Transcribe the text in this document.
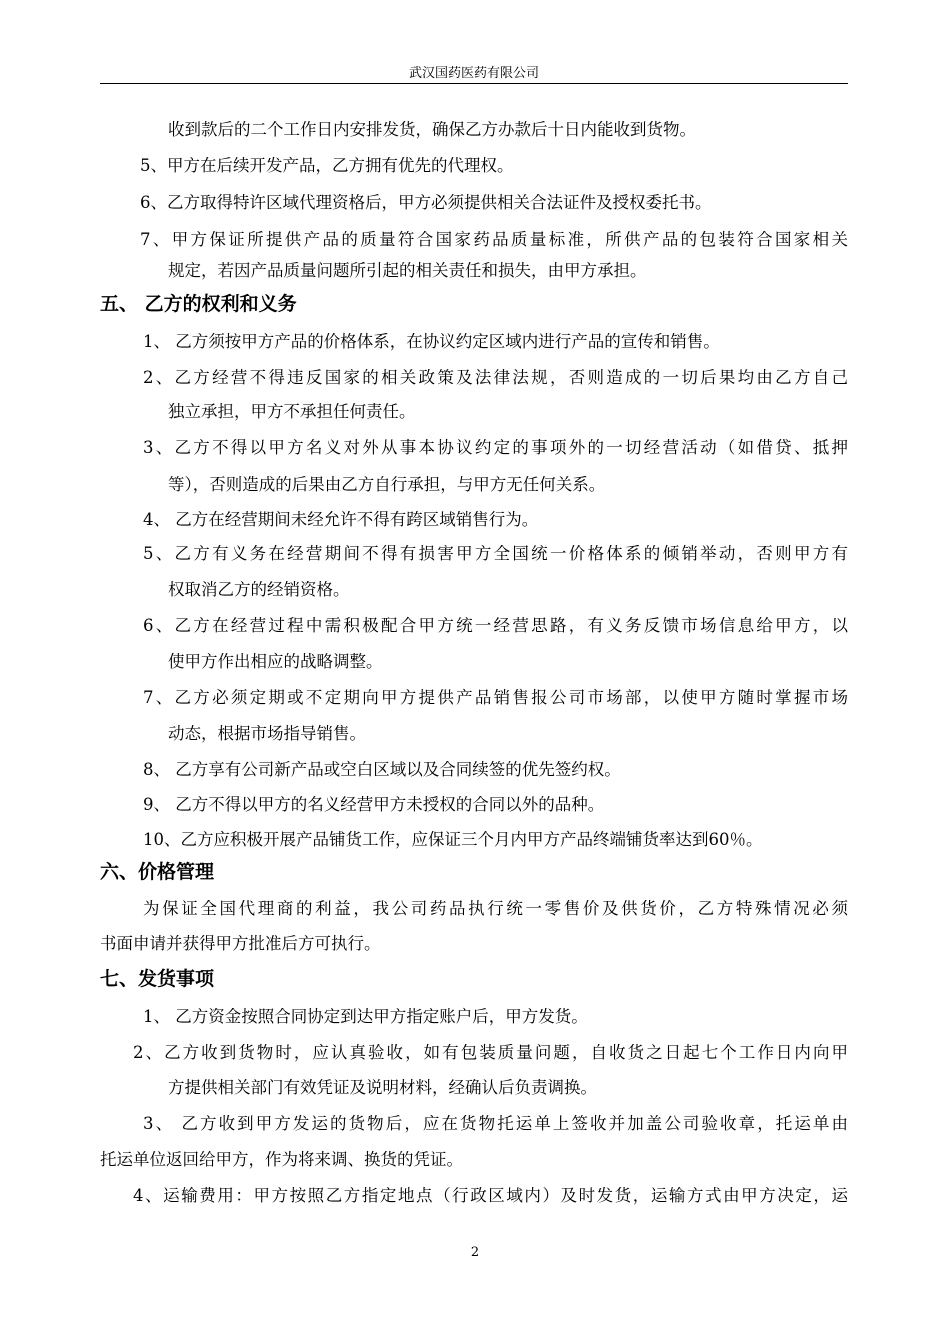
武汉国药医药有限公司
收到款后的二个工作日内安排发货，确保乙方办款后十日内能收到货物。
5、甲方在后续开发产品，乙方拥有优先的代理权。
6、乙方取得特许区域代理资格后，甲方必须提供相关合法证件及授权委托书。
7、甲方保证所提供产品的质量符合国家药品质量标准，所供产品的包装符合国家相关
规定，若因产品质量问题所引起的相关责任和损失，由甲方承担。
1、 乙方须按甲方产品的价格体系，在协议约定区域内进行产品的宣传和销售。
2、乙方经营不得违反国家的相关政策及法律法规，否则造成的一切后果均由乙方自己
独立承担，甲方不承担任何责任。
3、乙方不得以甲方名义对外从事本协议约定的事项外的一切经营活动（如借贷、抵押
等），否则造成的后果由乙方自行承担，与甲方无任何关系。
4、 乙方在经营期间未经允许不得有跨区域销售行为。
5、乙方有义务在经营期间不得有损害甲方全国统一价格体系的倾销举动，否则甲方有
权取消乙方的经销资格。
6、乙方在经营过程中需积极配合甲方统一经营思路，有义务反馈市场信息给甲方，以
使甲方作出相应的战略调整。
7、乙方必须定期或不定期向甲方提供产品销售报公司市场部，以使甲方随时掌握市场
动态，根据市场指导销售。
8、 乙方享有公司新产品或空白区域以及合同续签的优先签约权。
9、 乙方不得以甲方的名义经营甲方未授权的合同以外的品种。
10、乙方应积极开展产品铺货工作，应保证三个月内甲方产品终端铺货率达到60％。
为保证全国代理商的利益，我公司药品执行统一零售价及供货价，乙方特殊情况必须
书面申请并获得甲方批准后方可执行。
1、 乙方资金按照合同协定到达甲方指定账户后，甲方发货。
2、乙方收到货物时，应认真验收，如有包装质量问题，自收货之日起七个工作日内向甲
方提供相关部门有效凭证及说明材料，经确认后负责调换。
3、 乙方收到甲方发运的货物后，应在货物托运单上签收并加盖公司验收章，托运单由
托运单位返回给甲方，作为将来调、换货的凭证。
4、运输费用：甲方按照乙方指定地点（行政区域内）及时发货，运输方式由甲方决定，运
五、 乙方的权利和义务
六、价格管理
七、发货事项
2
